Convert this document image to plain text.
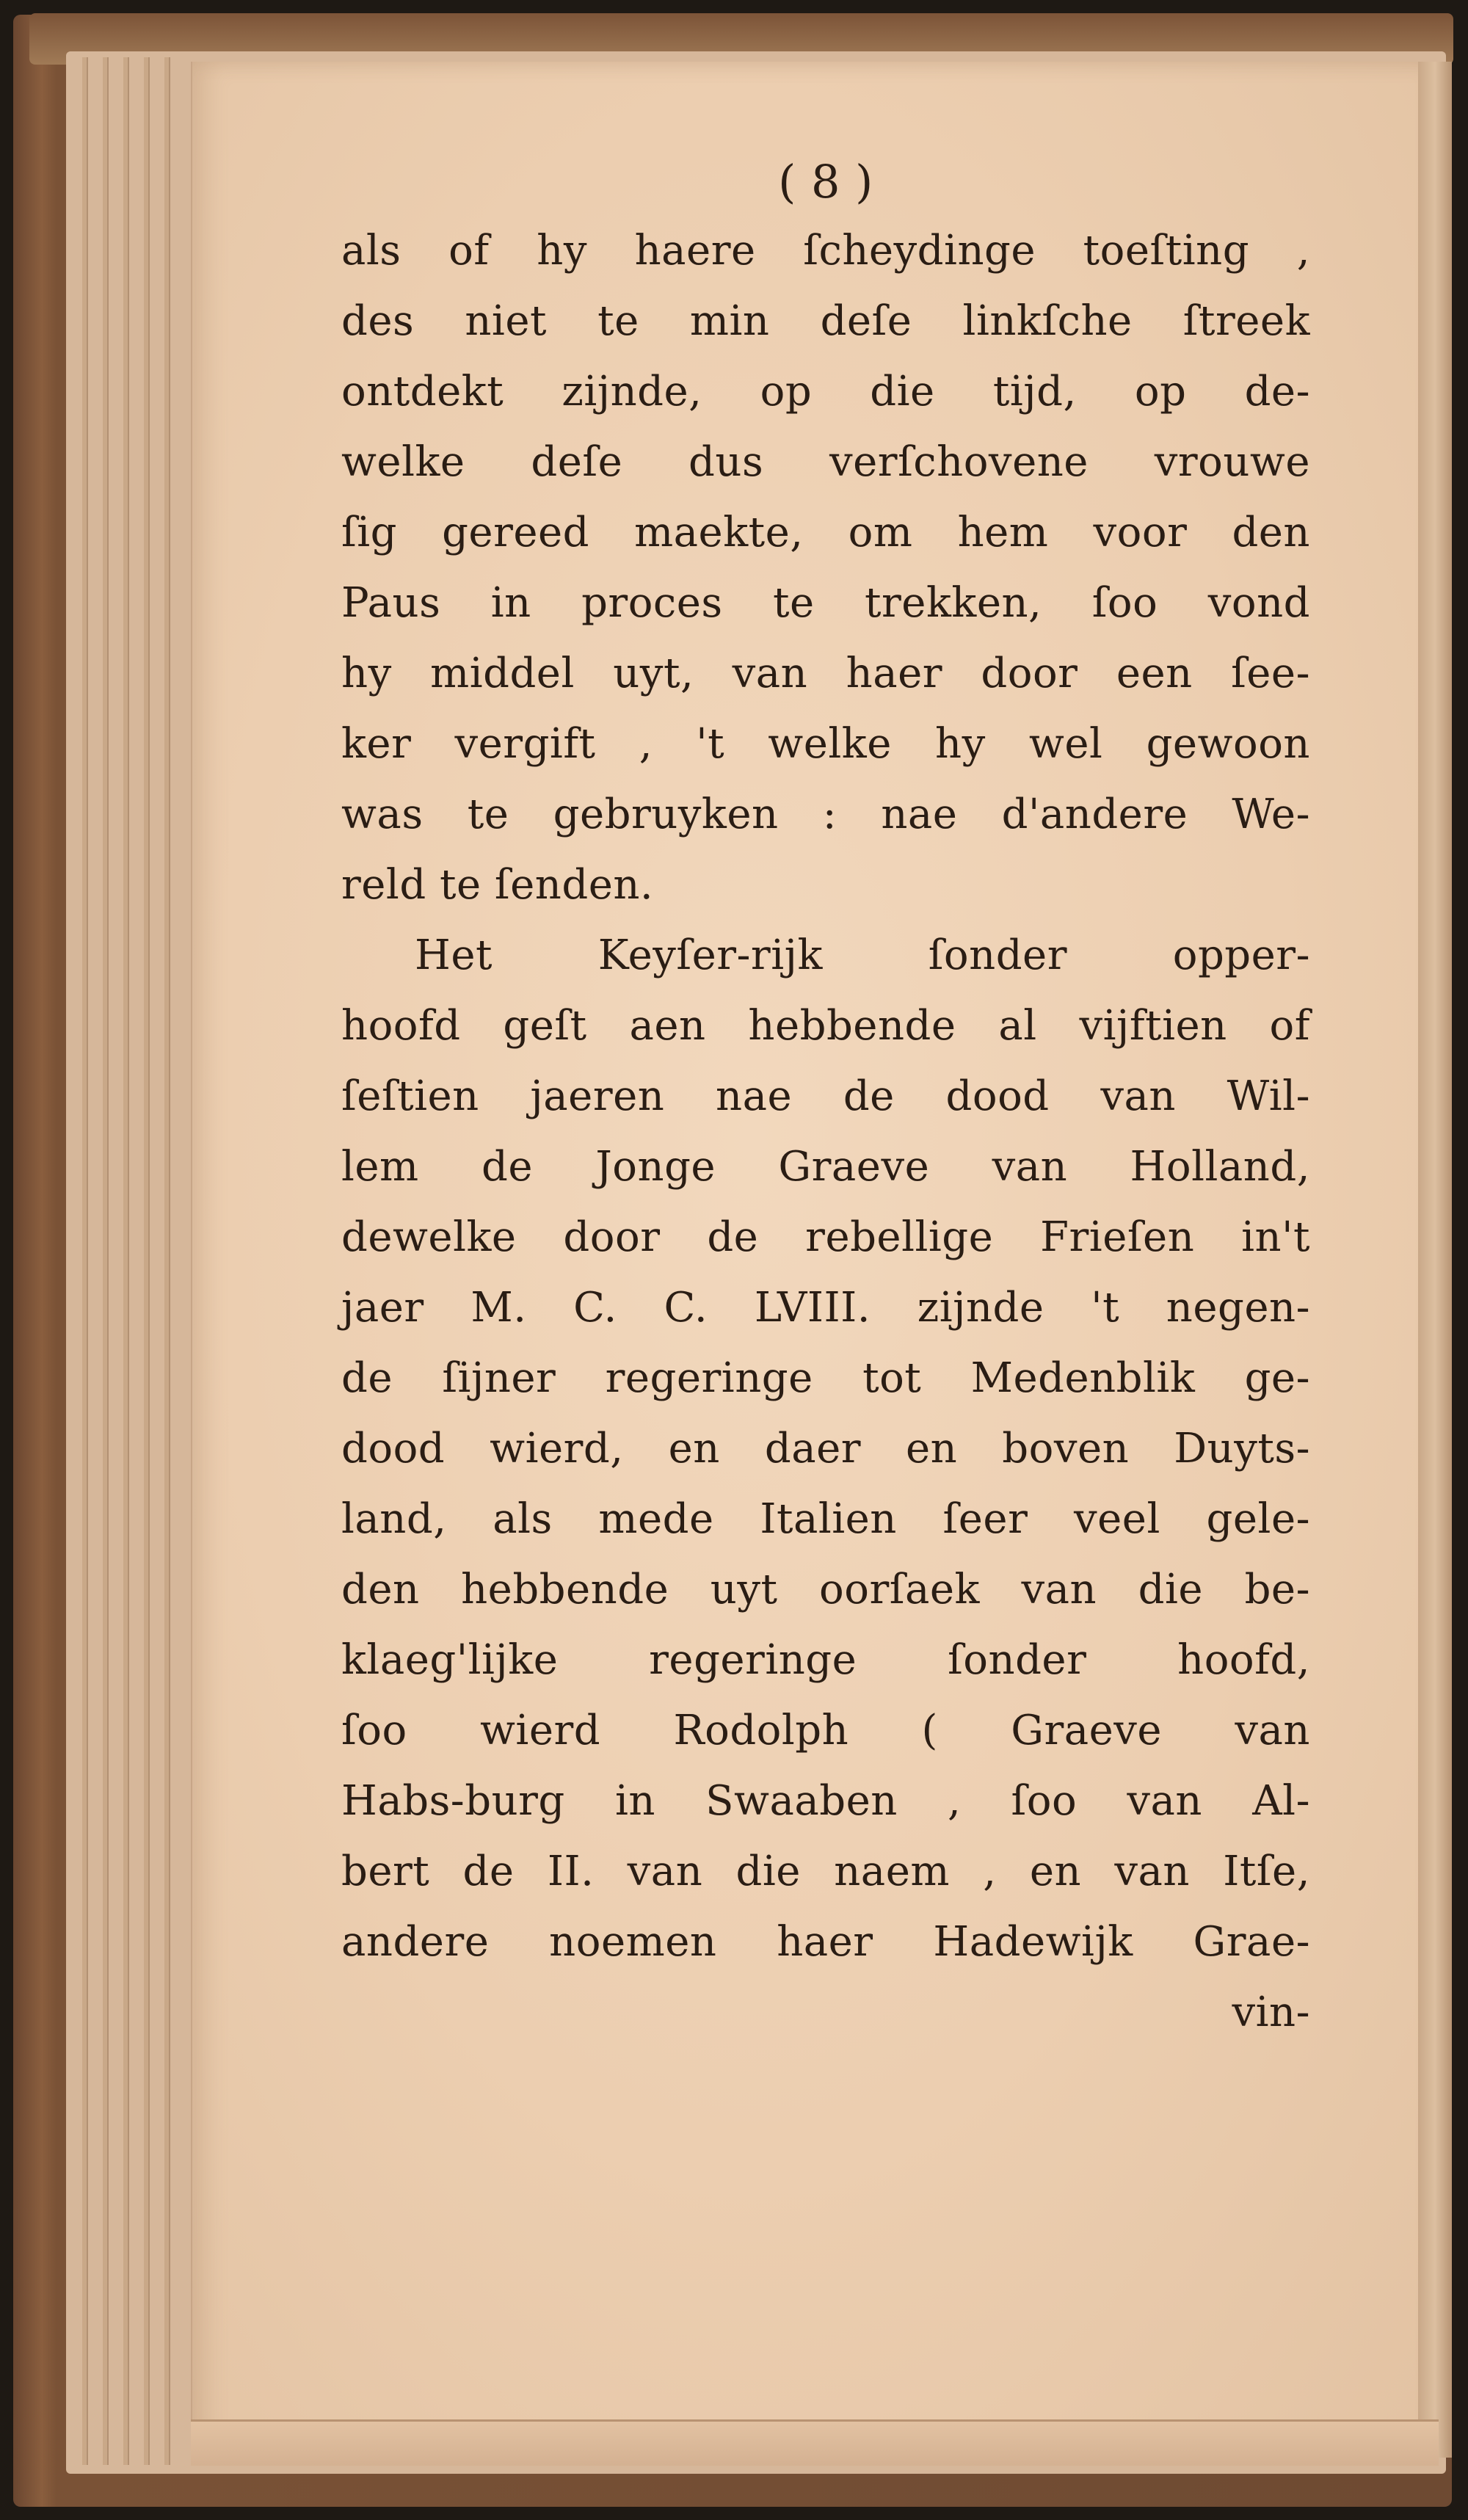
( 8 )
als of hy haere ſcheydinge toeſting ,
des niet te min deſe linkſche ſtreek
ontdekt zijnde, op die tijd, op de-
welke deſe dus verſchovene vrouwe
ſig gereed maekte, om hem voor den
Paus in proces te trekken, ſoo vond
hy middel uyt, van haer door een ſee-
ker vergift , 't welke hy wel gewoon
was te gebruyken : nae d'andere We-
reld te ſenden.
Het Keyſer-rijk ſonder opper-
hoofd geſt aen hebbende al vijftien of
ſeſtien jaeren nae de dood van Wil-
lem de Jonge Graeve van Holland,
dewelke door de rebellige Frieſen in't
jaer M. C. C. LVIII. zijnde 't negen-
de ſijner regeringe tot Medenblik ge-
dood wierd, en daer en boven Duyts-
land, als mede Italien ſeer veel gele-
den hebbende uyt oorſaek van die be-
klaeg'lijke regeringe ſonder hoofd,
ſoo wierd Rodolph ( Graeve van
Habs-burg in Swaaben , ſoo van Al-
bert de II. van die naem , en van Itſe,
andere noemen haer Hadewijk Grae-
vin-
